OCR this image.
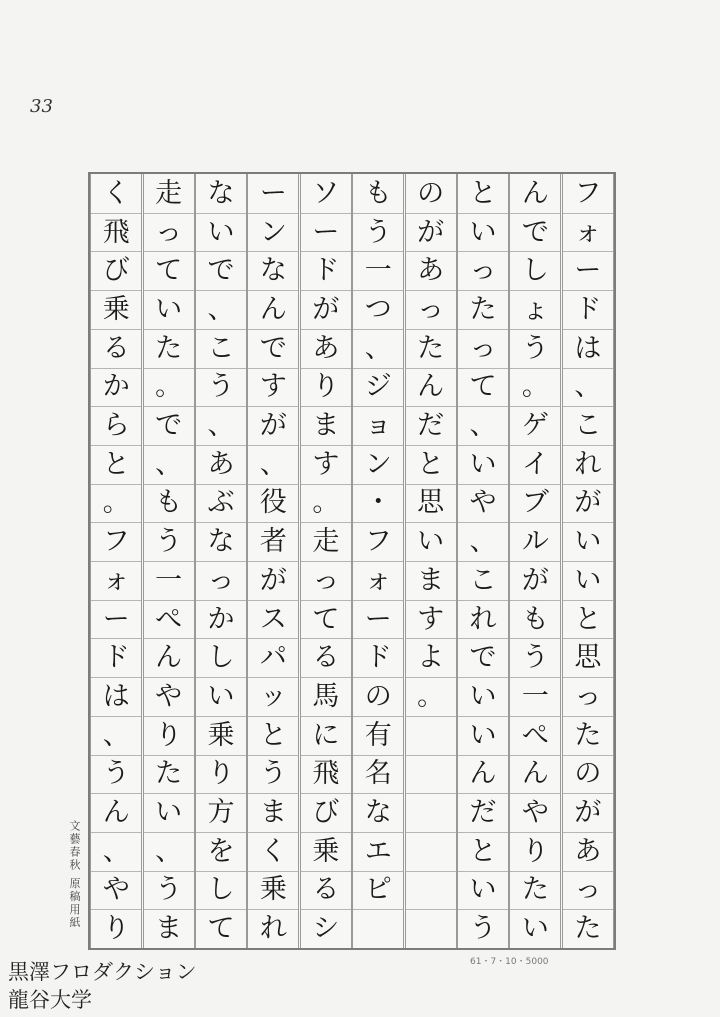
33
フ
ォ
ー
ド
は
、
こ
れ
が
い
い
と
思
っ
た
の
が
あ
っ
た
ん
で
し
ょ
う
。
ゲ
イ
ブ
ル
が
も
う
一
ぺ
ん
や
り
た
い
と
い
っ
た
っ
て
、
い
や
、
こ
れ
で
い
い
ん
だ
と
い
う
の
が
あ
っ
た
ん
だ
と
思
い
ま
す
よ
。
も
う
一
つ
、
ジ
ョ
ン
・
フ
ォ
ー
ド
の
有
名
な
エ
ピ
ソ
ー
ド
が
あ
り
ま
す
。
走
っ
て
る
馬
に
飛
び
乗
る
シ
ー
ン
な
ん
で
す
が
、
役
者
が
ス
パ
ッ
と
う
ま
く
乗
れ
な
い
で
、
こ
う
、
あ
ぶ
な
っ
か
し
い
乗
り
方
を
し
て
走
っ
て
い
た
。
で
、
も
う
一
ぺ
ん
や
り
た
い
、
う
ま
く
飛
び
乗
る
か
ら
と
。
フ
ォ
ー
ド
は
、
う
ん
、
や
り
文藝春秋 原稿用紙
61・7・10・5000
黒澤フロダクション
龍谷大学
